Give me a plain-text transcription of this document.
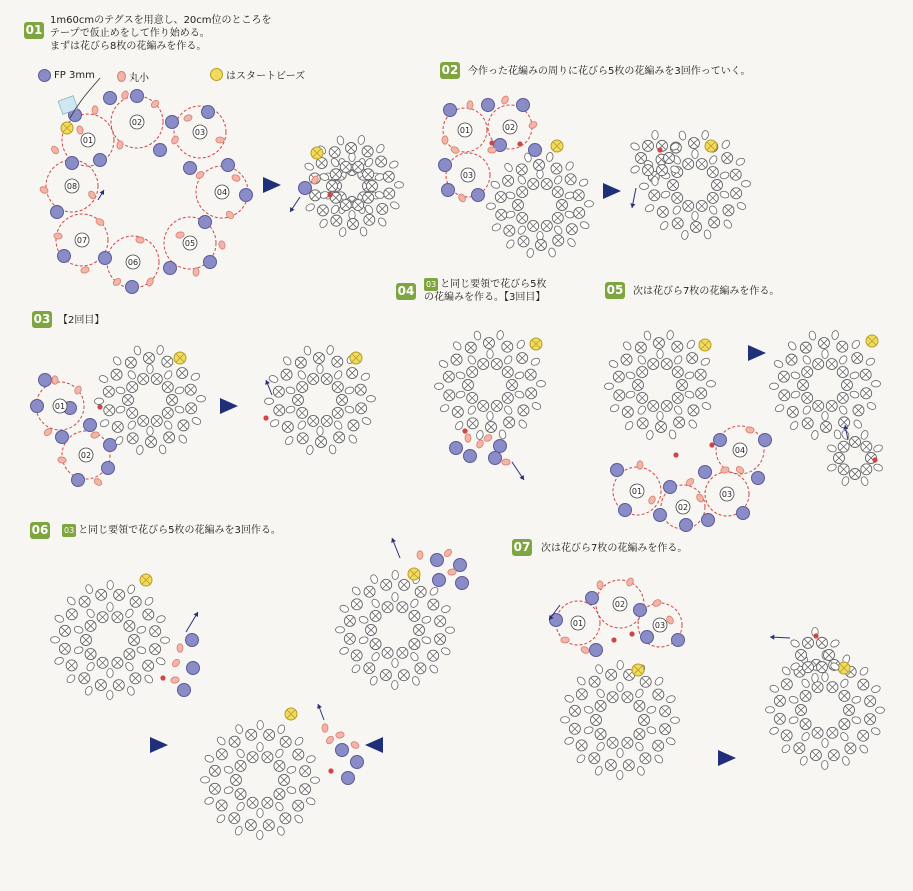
01
02
03
04
05
06
07
08
01	02
03
01
02
01
02
03
04
01
02
03
01
1m60cmのテグスを用意し、20cm位のところを
テープで仮止めをして作り始める。
まずは花びら8枚の花編みを作る。
FP 3mm	丸小	はスタートビーズ	02 今作った花編みの周りに花びら5枚の花編みを3回作っていく。
03 【2回目】
04 03 と同じ要領で花びら5枚
の花編みを作る。【3回目】
05 次は花びら7枚の花編みを作る。
06 03 と同じ要領で花びら5枚の花編みを3回作る。
07 次は花びら7枚の花編みを作る。
